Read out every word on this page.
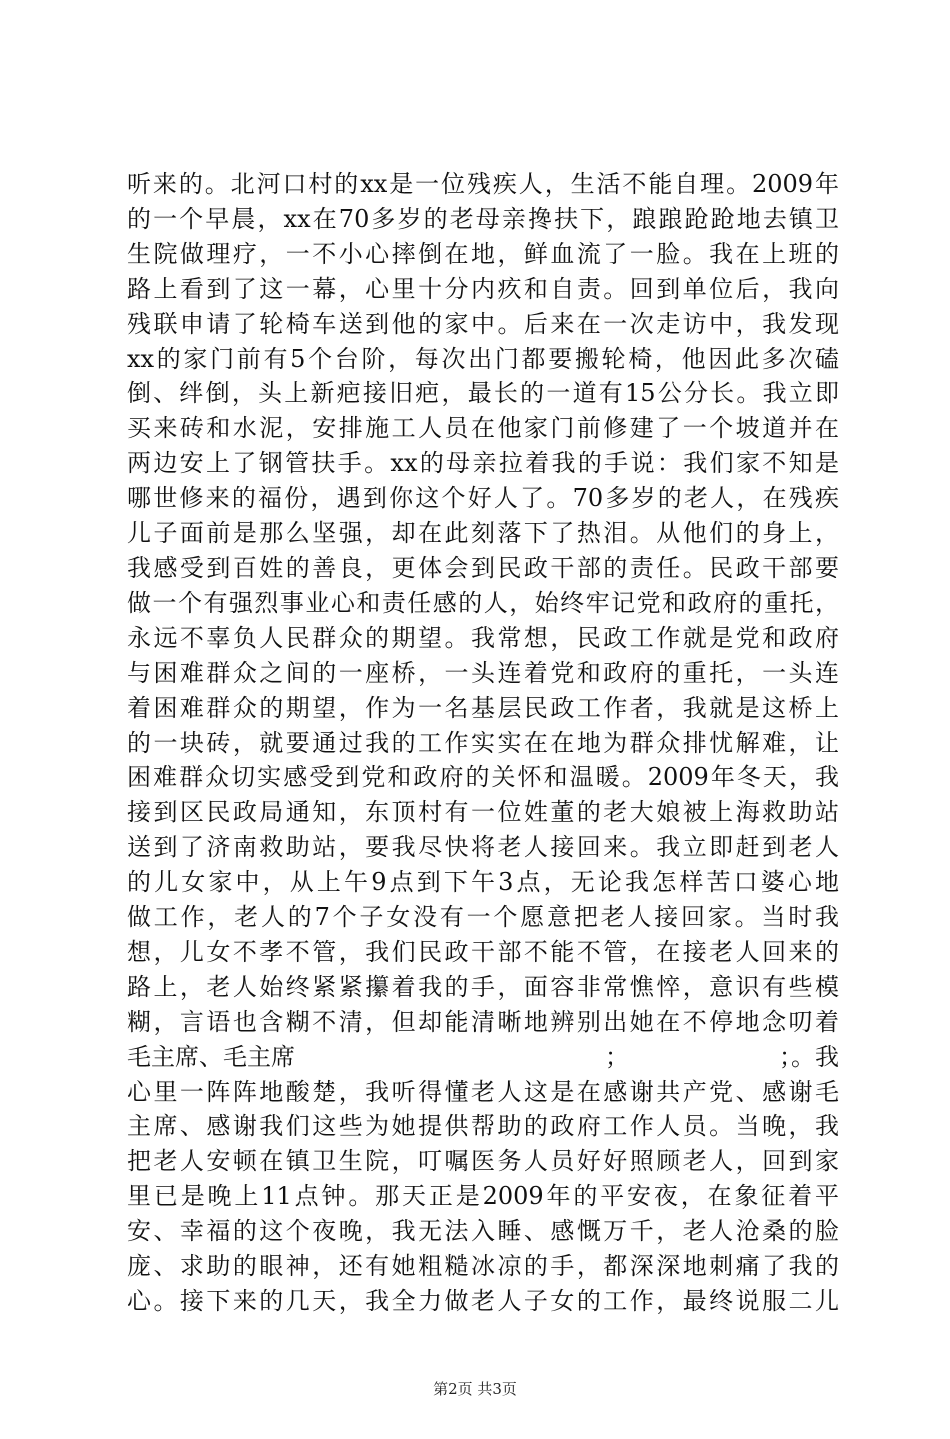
听来的。北河口村的xx是一位残疾人，生活不能自理。2009年
的一个早晨，xx在70多岁的老母亲搀扶下，踉踉跄跄地去镇卫
生院做理疗，一不小心摔倒在地，鲜血流了一脸。我在上班的
路上看到了这一幕，心里十分内疚和自责。回到单位后，我向
残联申请了轮椅车送到他的家中。后来在一次走访中，我发现
xx的家门前有5个台阶，每次出门都要搬轮椅，他因此多次磕
倒、绊倒，头上新疤接旧疤，最长的一道有15公分长。我立即
买来砖和水泥，安排施工人员在他家门前修建了一个坡道并在
两边安上了钢管扶手。xx的母亲拉着我的手说：我们家不知是
哪世修来的福份，遇到你这个好人了。70多岁的老人，在残疾
儿子面前是那么坚强，却在此刻落下了热泪。从他们的身上，
我感受到百姓的善良，更体会到民政干部的责任。民政干部要
做一个有强烈事业心和责任感的人，始终牢记党和政府的重托，
永远不辜负人民群众的期望。我常想，民政工作就是党和政府
与困难群众之间的一座桥，一头连着党和政府的重托，一头连
着困难群众的期望，作为一名基层民政工作者，我就是这桥上
的一块砖，就要通过我的工作实实在在地为群众排忧解难，让
困难群众切实感受到党和政府的关怀和温暖。2009年冬天，我
接到区民政局通知，东顶村有一位姓董的老大娘被上海救助站
送到了济南救助站，要我尽快将老人接回来。我立即赶到老人
的儿女家中，从上午9点到下午3点，无论我怎样苦口婆心地
做工作，老人的7个子女没有一个愿意把老人接回家。当时我
想，儿女不孝不管，我们民政干部不能不管，在接老人回来的
路上，老人始终紧紧攥着我的手，面容非常憔悴，意识有些模
糊，言语也含糊不清，但却能清晰地辨别出她在不停地念叨着
毛主席、毛主席	；	；。我
心里一阵阵地酸楚，我听得懂老人这是在感谢共产党、感谢毛
主席、感谢我们这些为她提供帮助的政府工作人员。当晚，我
把老人安顿在镇卫生院，叮嘱医务人员好好照顾老人，回到家
里已是晚上11点钟。那天正是2009年的平安夜，在象征着平
安、幸福的这个夜晚，我无法入睡、感慨万千，老人沧桑的脸
庞、求助的眼神，还有她粗糙冰凉的手，都深深地刺痛了我的
心。接下来的几天，我全力做老人子女的工作，最终说服二儿
第2页 共3页
